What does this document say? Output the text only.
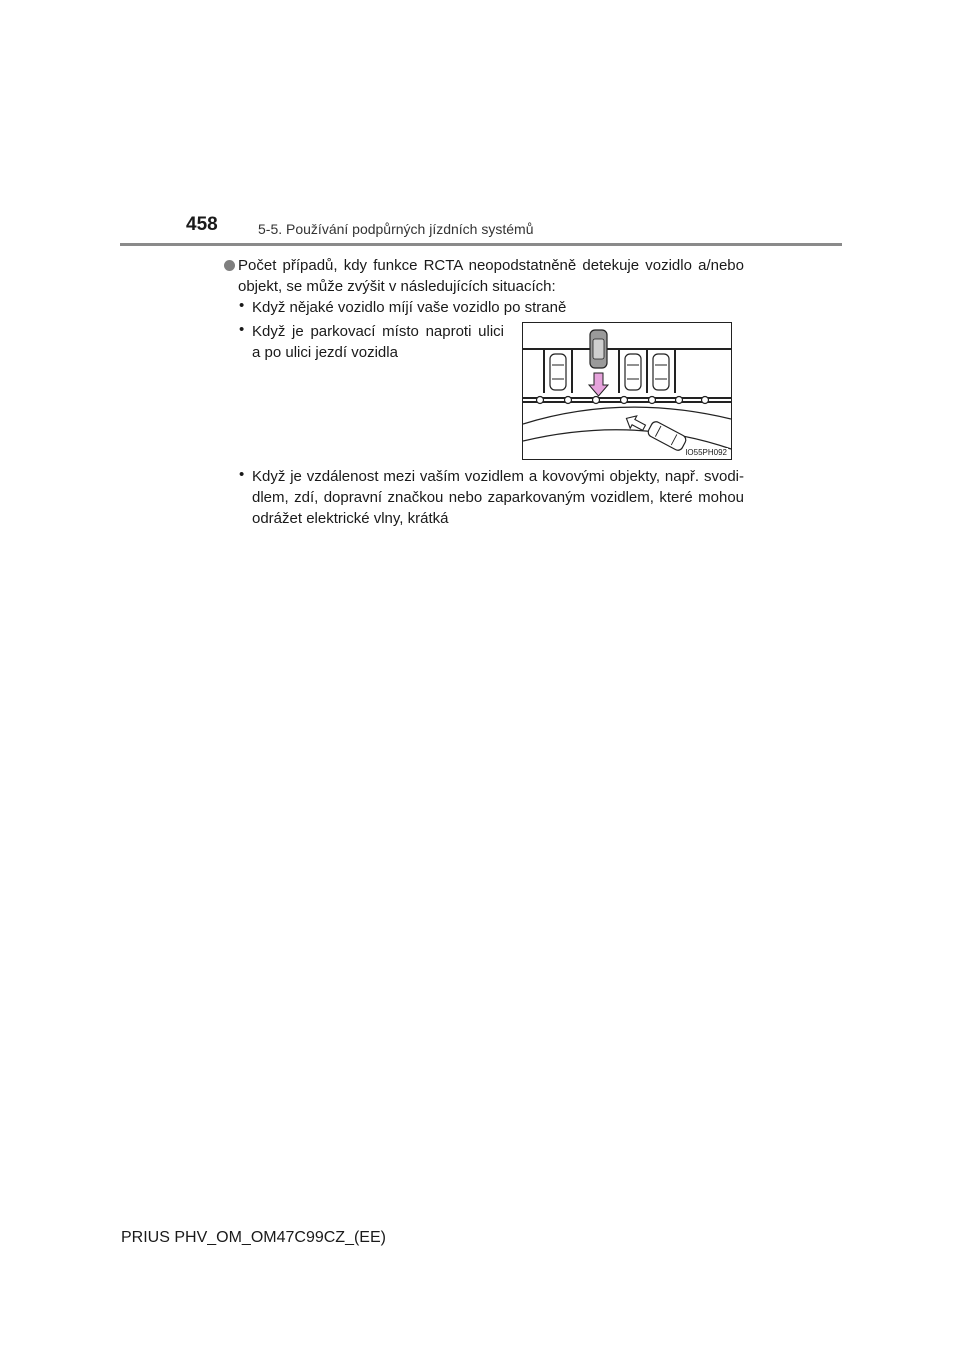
458	5-5. Používání podpůrných jízdních systémů
Počet případů, kdy funkce RCTA neopodstatněně detekuje vozidlo a/nebo
objekt, se může zvýšit v následujících situacích:
• Když nějaké vozidlo míjí vaše vozidlo po straně
• Když je parkovací místo naproti ulici
a po ulici jezdí vozidla
IO55PH092
• Když je vzdálenost mezi vaším vozidlem a kovovými objekty, např. svodi-
dlem, zdí, dopravní značkou nebo zaparkovaným vozidlem, které mohou
odrážet elektrické vlny, krátká
PRIUS PHV_OM_OM47C99CZ_(EE)
